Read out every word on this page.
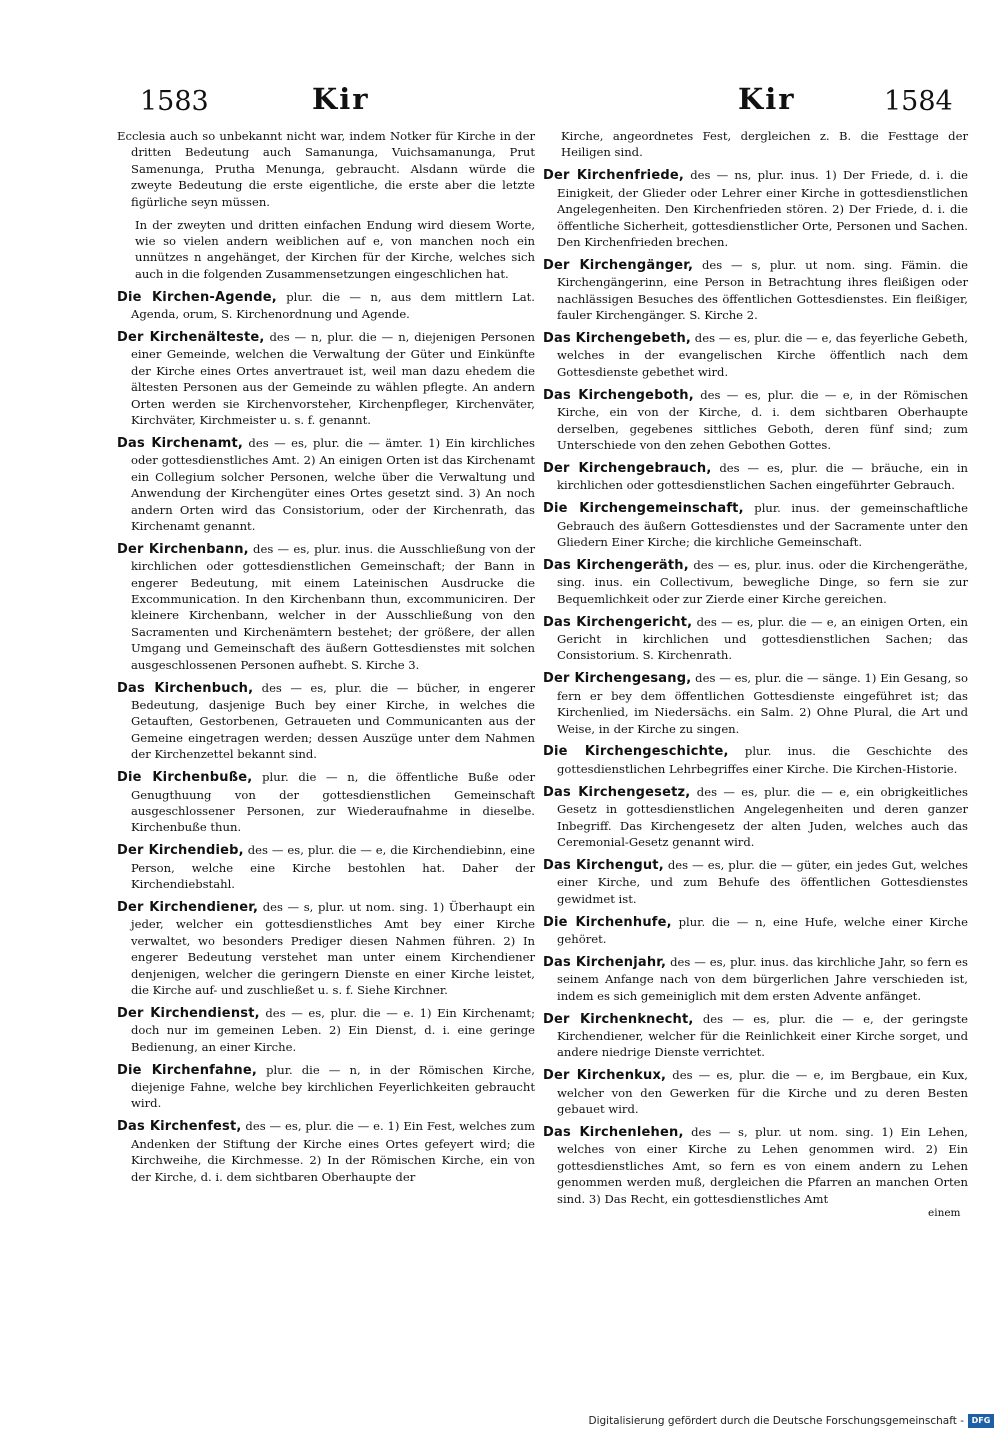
1583	Kir	Kir	1584

Ecclesia auch so unbekannt nicht war, indem Notker für Kirche in der dritten Bedeutung auch Samanunga, Vuichsamanunga, Prut Samenunga, Prutha Menunga, gebraucht. Alsdann würde die zweyte Bedeutung die erste eigentliche, die erste aber die letzte figürliche seyn müssen.

In der zweyten und dritten einfachen Endung wird diesem Worte, wie so vielen andern weiblichen auf e, von manchen noch ein unnützes n angehänget, der Kirchen für der Kirche, welches sich auch in die folgenden Zusammensetzungen eingeschlichen hat.

Die Kirchen-Agende, plur. die — n, aus dem mittlern Lat. Agenda, orum, S. Kirchenordnung und Agende.

Der Kirchenälteste, des — n, plur. die — n, diejenigen Personen einer Gemeinde, welchen die Verwaltung der Güter und Einkünfte der Kirche eines Ortes anvertrauet ist, weil man dazu ehedem die ältesten Personen aus der Gemeinde zu wählen pflegte. An andern Orten werden sie Kirchenvorsteher, Kirchenpfleger, Kirchenväter, Kirchväter, Kirchmeister u. s. f. genannt.

Das Kirchenamt, des — es, plur. die — ämter. 1) Ein kirchliches oder gottesdienstliches Amt. 2) An einigen Orten ist das Kirchenamt ein Collegium solcher Personen, welche über die Verwaltung und Anwendung der Kirchengüter eines Ortes gesetzt sind. 3) An noch andern Orten wird das Consistorium, oder der Kirchenrath, das Kirchenamt genannt.

Der Kirchenbann, des — es, plur. inus. die Ausschließung von der kirchlichen oder gottesdienstlichen Gemeinschaft; der Bann in engerer Bedeutung, mit einem Lateinischen Ausdrucke die Excommunication. In den Kirchenbann thun, excommuniciren. Der kleinere Kirchenbann, welcher in der Ausschließung von den Sacramenten und Kirchenämtern bestehet; der größere, der allen Umgang und Gemeinschaft des äußern Gottesdienstes mit solchen ausgeschlossenen Personen aufhebt. S. Kirche 3.

Das Kirchenbuch, des — es, plur. die — bücher, in engerer Bedeutung, dasjenige Buch bey einer Kirche, in welches die Getauften, Gestorbenen, Getraueten und Communicanten aus der Gemeine eingetragen werden; dessen Auszüge unter dem Nahmen der Kirchenzettel bekannt sind.

Die Kirchenbuße, plur. die — n, die öffentliche Buße oder Genugthuung von der gottesdienstlichen Gemeinschaft ausgeschlossener Personen, zur Wiederaufnahme in dieselbe. Kirchenbuße thun.

Der Kirchendieb, des — es, plur. die — e, die Kirchendiebinn, eine Person, welche eine Kirche bestohlen hat. Daher der Kirchendiebstahl.

Der Kirchendiener, des — s, plur. ut nom. sing. 1) Überhaupt ein jeder, welcher ein gottesdienstliches Amt bey einer Kirche verwaltet, wo besonders Prediger diesen Nahmen führen. 2) In engerer Bedeutung verstehet man unter einem Kirchendiener denjenigen, welcher die geringern Dienste en einer Kirche leistet, die Kirche auf- und zuschließet u. s. f. Siehe Kirchner.

Der Kirchendienst, des — es, plur. die — e. 1) Ein Kirchenamt; doch nur im gemeinen Leben. 2) Ein Dienst, d. i. eine geringe Bedienung, an einer Kirche.

Die Kirchenfahne, plur. die — n, in der Römischen Kirche, diejenige Fahne, welche bey kirchlichen Feyerlichkeiten gebraucht wird.

Das Kirchenfest, des — es, plur. die — e. 1) Ein Fest, welches zum Andenken der Stiftung der Kirche eines Ortes gefeyert wird; die Kirchweihe, die Kirchmesse. 2) In der Römischen Kirche, ein von der Kirche, d. i. dem sichtbaren Oberhaupte der

Kirche, angeordnetes Fest, dergleichen z. B. die Festtage der Heiligen sind.

Der Kirchenfriede, des — ns, plur. inus. 1) Der Friede, d. i. die Einigkeit, der Glieder oder Lehrer einer Kirche in gottesdienstlichen Angelegenheiten. Den Kirchenfrieden stören. 2) Der Friede, d. i. die öffentliche Sicherheit, gottesdienstlicher Orte, Personen und Sachen. Den Kirchenfrieden brechen.

Der Kirchengänger, des — s, plur. ut nom. sing. Fämin. die Kirchengängerinn, eine Person in Betrachtung ihres fleißigen oder nachlässigen Besuches des öffentlichen Gottesdienstes. Ein fleißiger, fauler Kirchengänger. S. Kirche 2.

Das Kirchengebeth, des — es, plur. die — e, das feyerliche Gebeth, welches in der evangelischen Kirche öffentlich nach dem Gottesdienste gebethet wird.

Das Kirchengeboth, des — es, plur. die — e, in der Römischen Kirche, ein von der Kirche, d. i. dem sichtbaren Oberhaupte derselben, gegebenes sittliches Geboth, deren fünf sind; zum Unterschiede von den zehen Gebothen Gottes.

Der Kirchengebrauch, des — es, plur. die — bräuche, ein in kirchlichen oder gottesdienstlichen Sachen eingeführter Gebrauch.

Die Kirchengemeinschaft, plur. inus. der gemeinschaftliche Gebrauch des äußern Gottesdienstes und der Sacramente unter den Gliedern Einer Kirche; die kirchliche Gemeinschaft.

Das Kirchengeräth, des — es, plur. inus. oder die Kirchengeräthe, sing. inus. ein Collectivum, bewegliche Dinge, so fern sie zur Bequemlichkeit oder zur Zierde einer Kirche gereichen.

Das Kirchengericht, des — es, plur. die — e, an einigen Orten, ein Gericht in kirchlichen und gottesdienstlichen Sachen; das Consistorium. S. Kirchenrath.

Der Kirchengesang, des — es, plur. die — sänge. 1) Ein Gesang, so fern er bey dem öffentlichen Gottesdienste eingeführet ist; das Kirchenlied, im Niedersächs. ein Salm. 2) Ohne Plural, die Art und Weise, in der Kirche zu singen.

Die Kirchengeschichte, plur. inus. die Geschichte des gottesdienstlichen Lehrbegriffes einer Kirche. Die Kirchen-Historie.

Das Kirchengesetz, des — es, plur. die — e, ein obrigkeitliches Gesetz in gottesdienstlichen Angelegenheiten und deren ganzer Inbegriff. Das Kirchengesetz der alten Juden, welches auch das Ceremonial-Gesetz genannt wird.

Das Kirchengut, des — es, plur. die — güter, ein jedes Gut, welches einer Kirche, und zum Behufe des öffentlichen Gottesdienstes gewidmet ist.

Die Kirchenhufe, plur. die — n, eine Hufe, welche einer Kirche gehöret.

Das Kirchenjahr, des — es, plur. inus. das kirchliche Jahr, so fern es seinem Anfange nach von dem bürgerlichen Jahre verschieden ist, indem es sich gemeiniglich mit dem ersten Advente anfänget.

Der Kirchenknecht, des — es, plur. die — e, der geringste Kirchendiener, welcher für die Reinlichkeit einer Kirche sorget, und andere niedrige Dienste verrichtet.

Der Kirchenkux, des — es, plur. die — e, im Bergbaue, ein Kux, welcher von den Gewerken für die Kirche und zu deren Besten gebauet wird.

Das Kirchenlehen, des — s, plur. ut nom. sing. 1) Ein Lehen, welches von einer Kirche zu Lehen genommen wird. 2) Ein gottesdienstliches Amt, so fern es von einem andern zu Lehen genommen werden muß, dergleichen die Pfarren an manchen Orten sind. 3) Das Recht, ein gottesdienstliches Amt

einem
Digitalisierung gefördert durch die Deutsche Forschungsgemeinschaft - DFG
